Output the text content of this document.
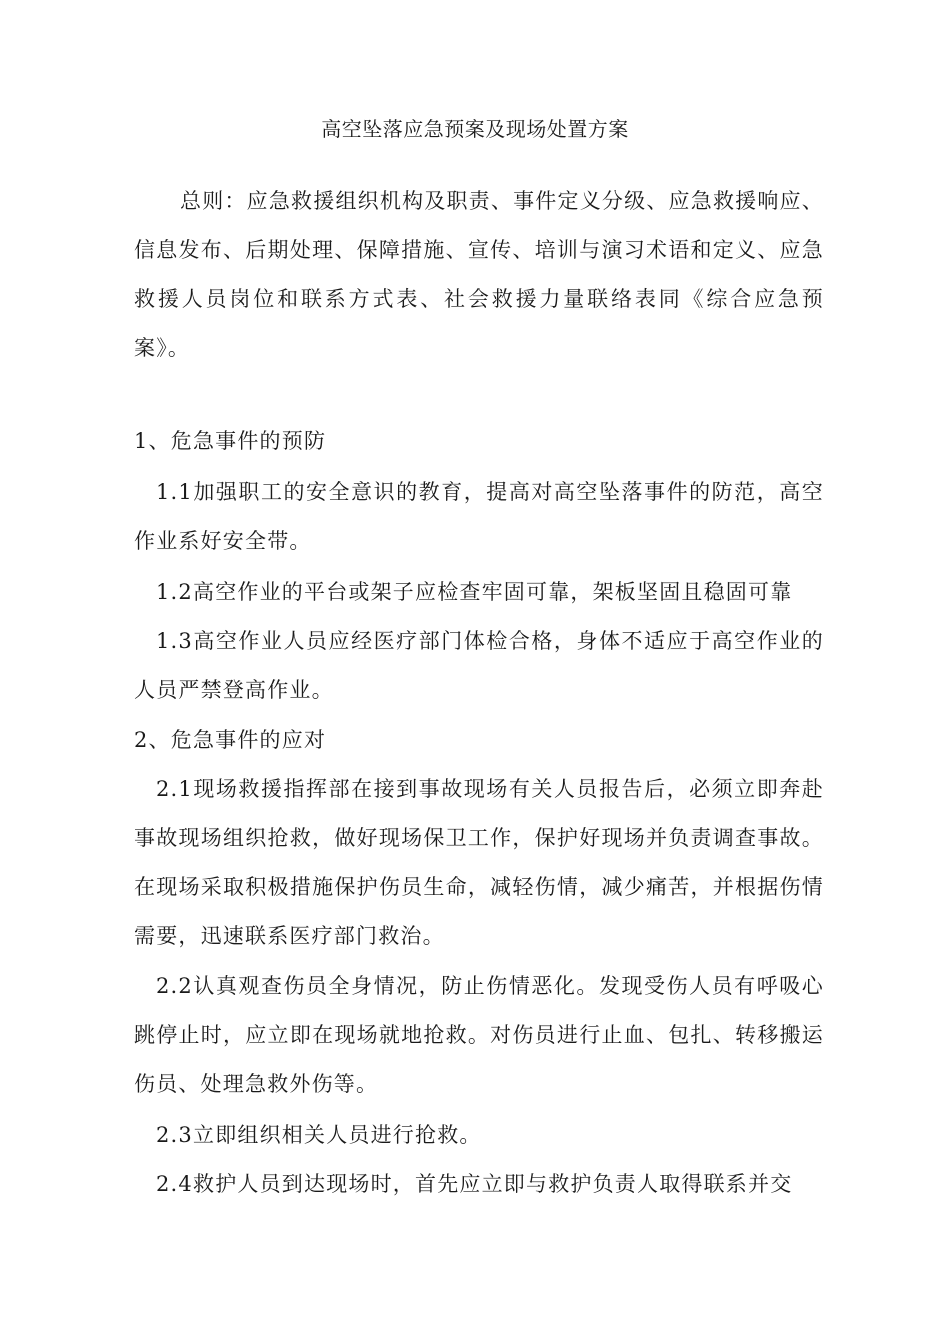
高空坠落应急预案及现场处置方案

总则：应急救援组织机构及职责、事件定义分级、应急救援响应、信息发布、后期处理、保障措施、宣传、培训与演习术语和定义、应急救援人员岗位和联系方式表、社会救援力量联络表同《综合应急预案》。

1、危急事件的预防

1.1加强职工的安全意识的教育，提高对高空坠落事件的防范，高空作业系好安全带。

1.2高空作业的平台或架子应检查牢固可靠，架板坚固且稳固可靠

1.3高空作业人员应经医疗部门体检合格，身体不适应于高空作业的人员严禁登高作业。

2、危急事件的应对

2.1现场救援指挥部在接到事故现场有关人员报告后，必须立即奔赴事故现场组织抢救，做好现场保卫工作，保护好现场并负责调查事故。在现场采取积极措施保护伤员生命，减轻伤情，减少痛苦，并根据伤情需要，迅速联系医疗部门救治。

2.2认真观查伤员全身情况，防止伤情恶化。发现受伤人员有呼吸心跳停止时，应立即在现场就地抢救。对伤员进行止血、包扎、转移搬运伤员、处理急救外伤等。

2.3立即组织相关人员进行抢救。

2.4救护人员到达现场时，首先应立即与救护负责人取得联系并交
